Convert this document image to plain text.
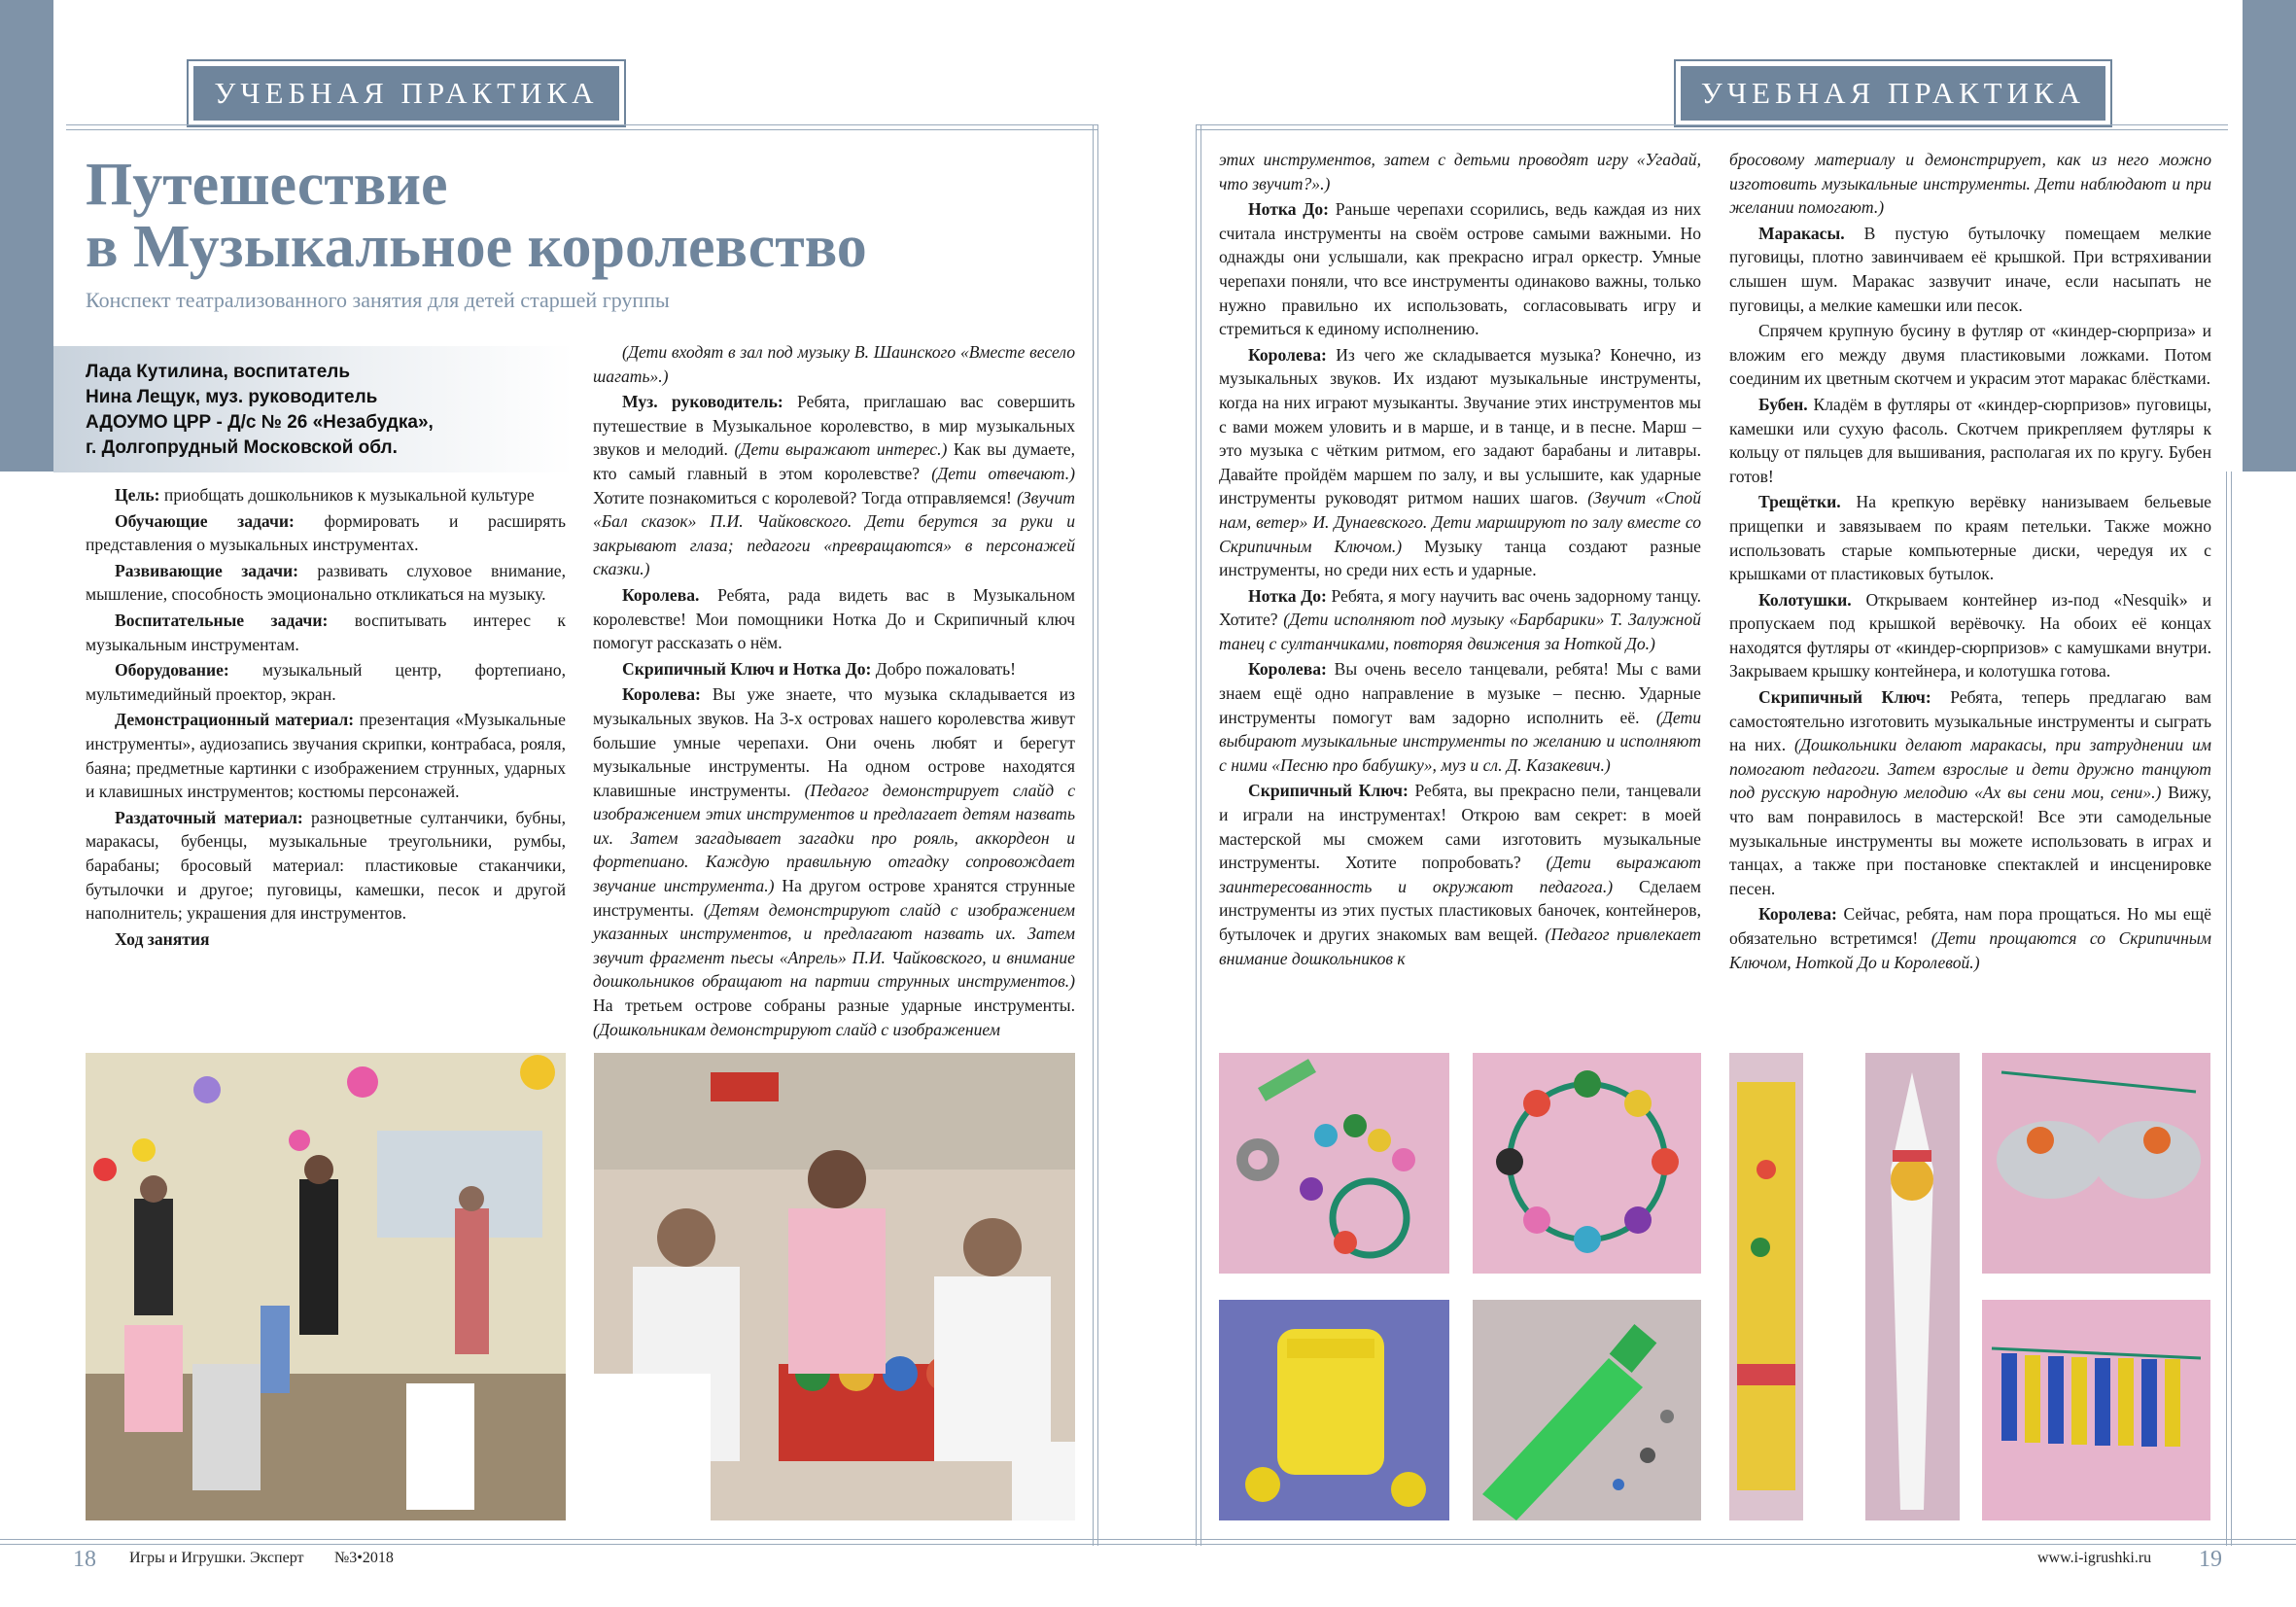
УЧЕБНАЯ ПРАКТИКА	УЧЕБНАЯ ПРАКТИКА
Путешествие
в Музыкальное королевство
Конспект театрализованного занятия для детей старшей группы
Лада Кутилина, воспитатель
Нина Лещук, муз. руководитель
АДОУМО ЦРР - Д/с № 26 «Незабудка»,
г. Долгопрудный Московской обл.

Цель: приобщать дошкольников к музыкальной культуре

Обучающие задачи: формировать и расширять представления о музыкальных инструментах.

Развивающие задачи: развивать слуховое внимание, мышление, способность эмоционально откликаться на музыку.

Воспитательные задачи: воспитывать интерес к музыкальным инструментам.

Оборудование: музыкальный центр, фортепиано, мультимедийный проектор, экран.

Демонстрационный материал: презентация «Музыкальные инструменты», аудиозапись звучания скрипки, контрабаса, рояля, баяна; предметные картинки с изображением струнных, ударных и клавишных инструментов; костюмы персонажей.

Раздаточный материал: разноцветные султанчики, бубны, маракасы, бубенцы, музыкальные треугольники, румбы, барабаны; бросовый материал: пластиковые стаканчики, бутылочки и другое; пуговицы, камешки, песок и другой наполнитель; украшения для инструментов.

Ход занятия

(Дети входят в зал под музыку В. Шаинского «Вместе весело шагать».)

Муз. руководитель: Ребята, приглашаю вас совершить путешествие в Музыкальное королевство, в мир музыкальных звуков и мелодий. (Дети выражают интерес.) Как вы думаете, кто самый главный в этом королевстве? (Дети отвечают.) Хотите познакомиться с королевой? Тогда отправляемся! (Звучит «Бал сказок» П.И. Чайковского. Дети берутся за руки и закрывают глаза; педагоги «превращаются» в персонажей сказки.)

Королева. Ребята, рада видеть вас в Музыкальном королевстве! Мои помощники Нотка До и Скрипичный ключ помогут рассказать о нём.

Скрипичный Ключ и Нотка До: Добро пожаловать!

Королева: Вы уже знаете, что музыка складывается из музыкальных звуков. На 3-х островах нашего королевства живут большие умные черепахи. Они очень любят и берегут музыкальные инструменты. На одном острове находятся клавишные инструменты. (Педагог демонстрирует слайд с изображением этих инструментов и предлагает детям назвать их. Затем загадывает загадки про рояль, аккордеон и фортепиано. Каждую правильную отгадку сопровождает звучание инструмента.) На другом острове хранятся струнные инструменты. (Детям демонстрируют слайд с изображением указанных инструментов, и предлагают назвать их. Затем звучит фрагмент пьесы «Апрель» П.И. Чайковского, и внимание дошкольников обращают на партии струнных инструментов.) На третьем острове собраны разные ударные инструменты. (Дошкольникам демонстрируют слайд с изображением

этих инструментов, затем с детьми проводят игру «Угадай, что звучит?».)

Нотка До: Раньше черепахи ссорились, ведь каждая из них считала инструменты на своём острове самыми важными. Но однажды они услышали, как прекрасно играл оркестр. Умные черепахи поняли, что все инструменты одинаково важны, только нужно правильно их использовать, согласовывать игру и стремиться к единому исполнению.

Королева: Из чего же складывается музыка? Конечно, из музыкальных звуков. Их издают музыкальные инструменты, когда на них играют музыканты. Звучание этих инструментов мы с вами можем уловить и в марше, и в танце, и в песне. Марш – это музыка с чётким ритмом, его задают барабаны и литавры. Давайте пройдём маршем по залу, и вы услышите, как ударные инструменты руководят ритмом наших шагов. (Звучит «Спой нам, ветер» И. Дунаевского. Дети маршируют по залу вместе со Скрипичным Ключом.) Музыку танца создают разные инструменты, но среди них есть и ударные.

Нотка До: Ребята, я могу научить вас очень задорному танцу. Хотите? (Дети исполняют под музыку «Барбарики» Т. Залужной танец с султанчиками, повторяя движения за Ноткой До.)

Королева: Вы очень весело танцевали, ребята! Мы с вами знаем ещё одно направление в музыке – песню. Ударные инструменты помогут вам задорно исполнить её. (Дети выбирают музыкальные инструменты по желанию и исполняют с ними «Песню про бабушку», муз и сл. Д. Казакевич.)

Скрипичный Ключ: Ребята, вы прекрасно пели, танцевали и играли на инструментах! Открою вам секрет: в моей мастерской мы сможем сами изготовить музыкальные инструменты. Хотите попробовать? (Дети выражают заинтересованность и окружают педагога.) Сделаем инструменты из этих пустых пластиковых баночек, контейнеров, бутылочек и других знакомых вам вещей. (Педагог привлекает внимание дошкольников к

бросовому материалу и демонстрирует, как из него можно изготовить музыкальные инструменты. Дети наблюдают и при желании помогают.)

Маракасы. В пустую бутылочку помещаем мелкие пуговицы, плотно завинчиваем её крышкой. При встряхивании слышен шум. Маракас зазвучит иначе, если насыпать не пуговицы, а мелкие камешки или песок.

Спрячем крупную бусину в футляр от «киндер-сюрприза» и вложим его между двумя пластиковыми ложками. Потом соединим их цветным скотчем и украсим этот маракас блёстками.

Бубен. Кладём в футляры от «киндер-сюрпризов» пуговицы, камешки или сухую фасоль. Скотчем прикрепляем футляры к кольцу от пяльцев для вышивания, располагая их по кругу. Бубен готов!

Трещётки. На крепкую верёвку нанизываем бельевые прищепки и завязываем по краям петельки. Также можно использовать старые компьютерные диски, чередуя их с крышками от пластиковых бутылок.

Колотушки. Открываем контейнер из-под «Nesquik» и пропускаем под крышкой верёвочку. На обоих её концах находятся футляры от «киндер-сюрпризов» с камушками внутри. Закрываем крышку контейнера, и колотушка готова.

Скрипичный Ключ: Ребята, теперь предлагаю вам самостоятельно изготовить музыкальные инструменты и сыграть на них. (Дошкольники делают маракасы, при затруднении им помогают педагоги. Затем взрослые и дети дружно танцуют под русскую народную мелодию «Ах вы сени мои, сени».) Вижу, что вам понравилось в мастерской! Все эти самодельные музыкальные инструменты вы можете использовать в играх и танцах, а также при постановке спектаклей и инсценировке песен.

Королева: Сейчас, ребята, нам пора прощаться. Но мы ещё обязательно встретимся! (Дети прощаются со Скрипичным Ключом, Ноткой До и Королевой.)

18 Игры и Игрушки. Эксперт №3•2018	www.i-igrushki.ru 19
